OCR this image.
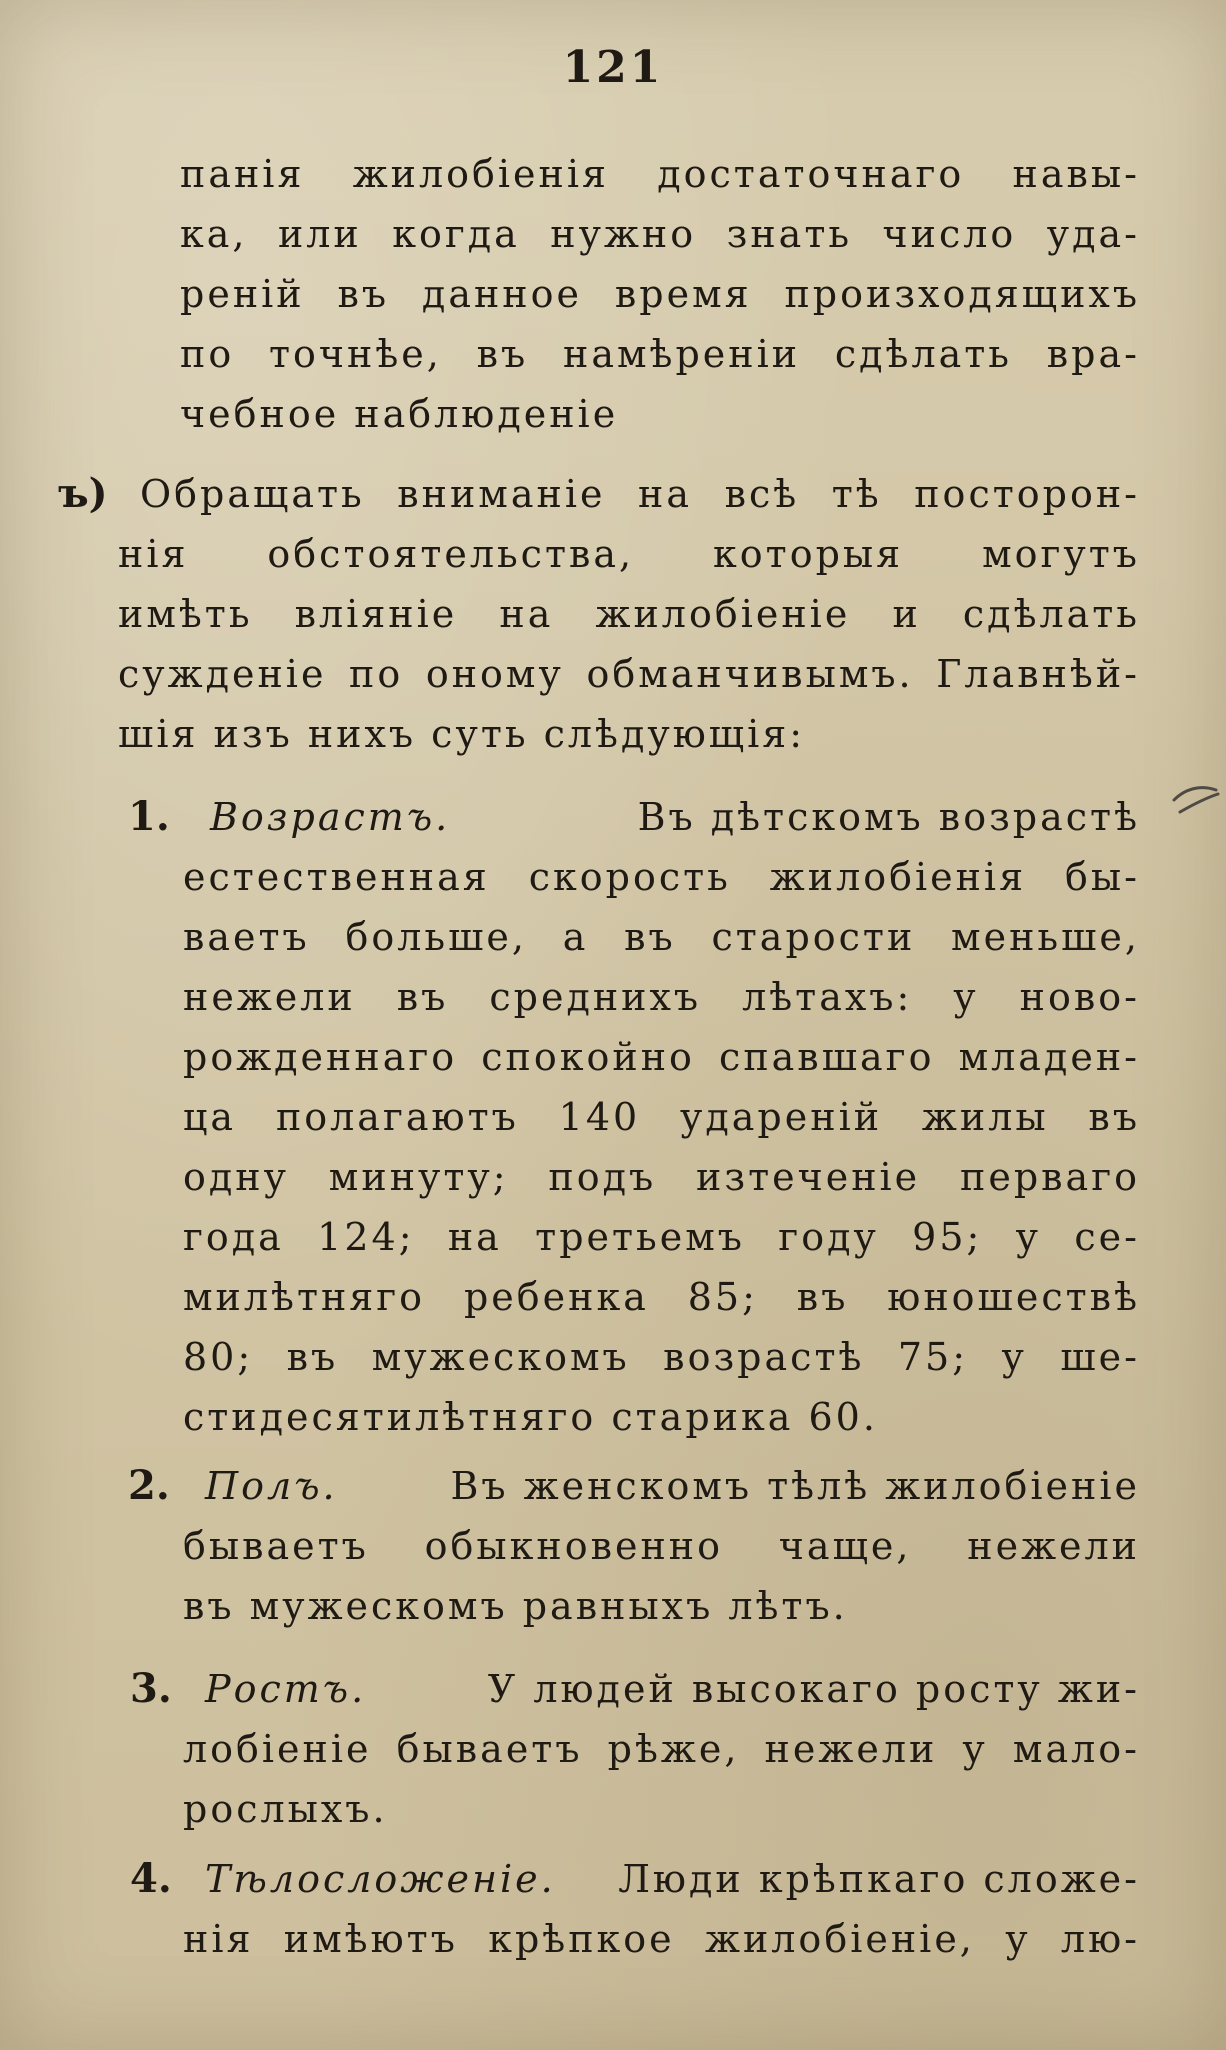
121
панія жилобіенія достаточнаго навы-
ка, или когда нужно знать число уда-
реній въ данное время произходящихъ
по точнѣе, въ намѣреніи сдѣлать вра-
чебное наблюденіе
ъ) Обращать вниманіе на всѣ тѣ посторон-
нія обстоятельства, которыя могутъ
имѣть вліяніе на жилобіеніе и сдѣлать
сужденіе по оному обманчивымъ. Главнѣй-
шія изъ нихъ суть слѣдующія:
1. Возрастъ.	Въ дѣтскомъ возрастѣ
естественная скорость жилобіенія бы-
ваетъ больше, а въ старости меньше,
нежели въ среднихъ лѣтахъ: у ново-
рожденнаго спокойно спавшаго младен-
ца полагаютъ 140 удареній жилы въ
одну минуту; подъ изтеченіе перваго
года 124; на третьемъ году 95; у се-
милѣтняго ребенка 85; въ юношествѣ
80; въ мужескомъ возрастѣ 75; у ше-
стидесятилѣтняго старика 60.
2. Полъ.	Въ женскомъ тѣлѣ жилобіеніе
бываетъ обыкновенно чаще, нежели
въ мужескомъ равныхъ лѣтъ.
3. Ростъ.	У людей высокаго росту жи-
лобіеніе бываетъ рѣже, нежели у мало-
рослыхъ.
4. Тѣлосложеніе.	Люди крѣпкаго сложе-
нія имѣютъ крѣпкое жилобіеніе, у лю-
